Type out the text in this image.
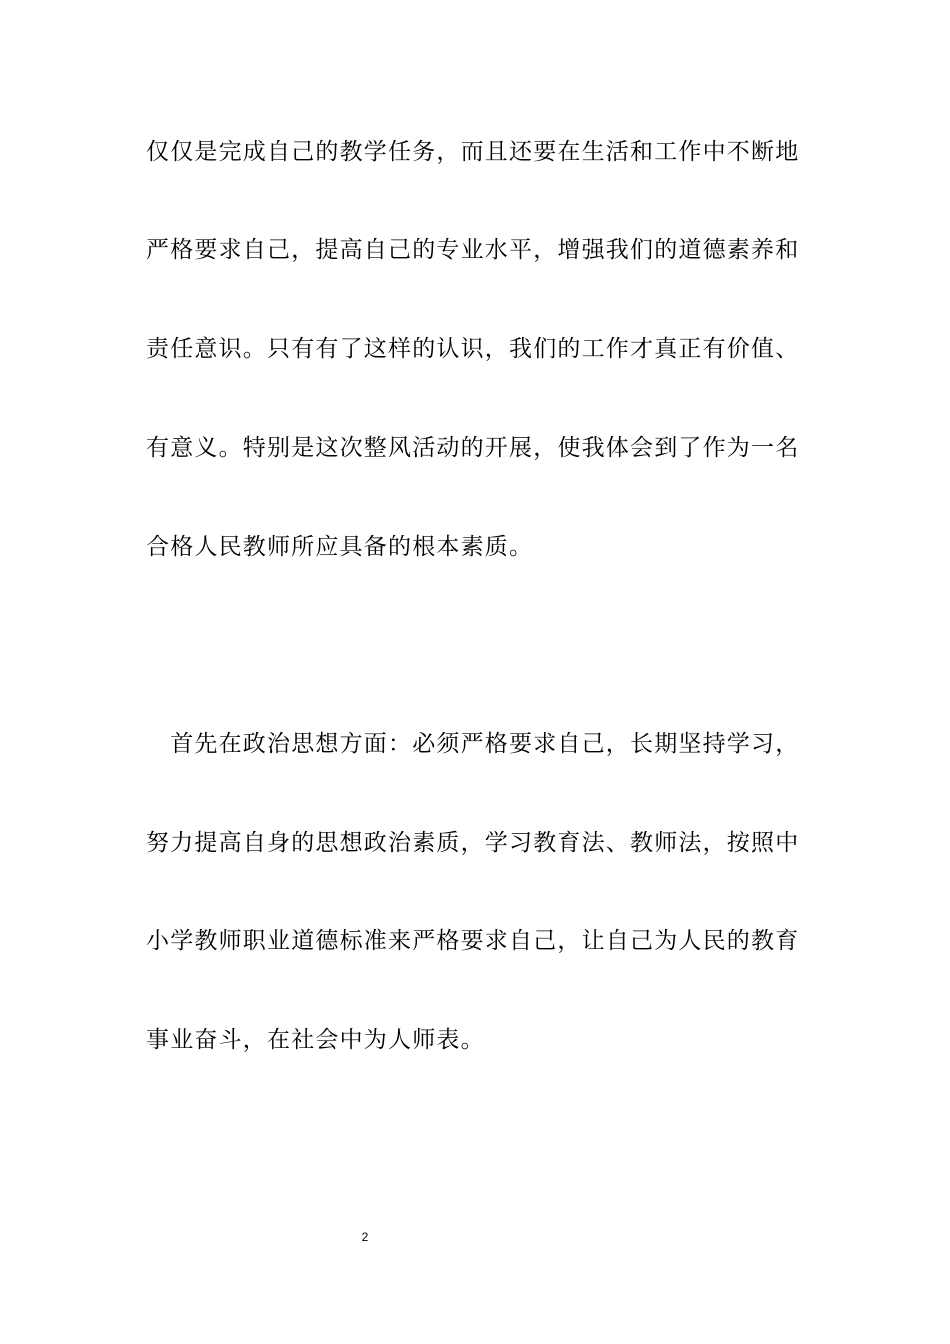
仅仅是完成自己的教学任务，而且还要在生活和工作中不断地
严格要求自己，提高自己的专业水平，增强我们的道德素养和
责任意识。只有有了这样的认识，我们的工作才真正有价值、
有意义。特别是这次整风活动的开展，使我体会到了作为一名
合格人民教师所应具备的根本素质。
　首先在政治思想方面：必须严格要求自己，长期坚持学习，
努力提高自身的思想政治素质，学习教育法、教师法，按照中
小学教师职业道德标准来严格要求自己，让自己为人民的教育
事业奋斗，在社会中为人师表。
2
